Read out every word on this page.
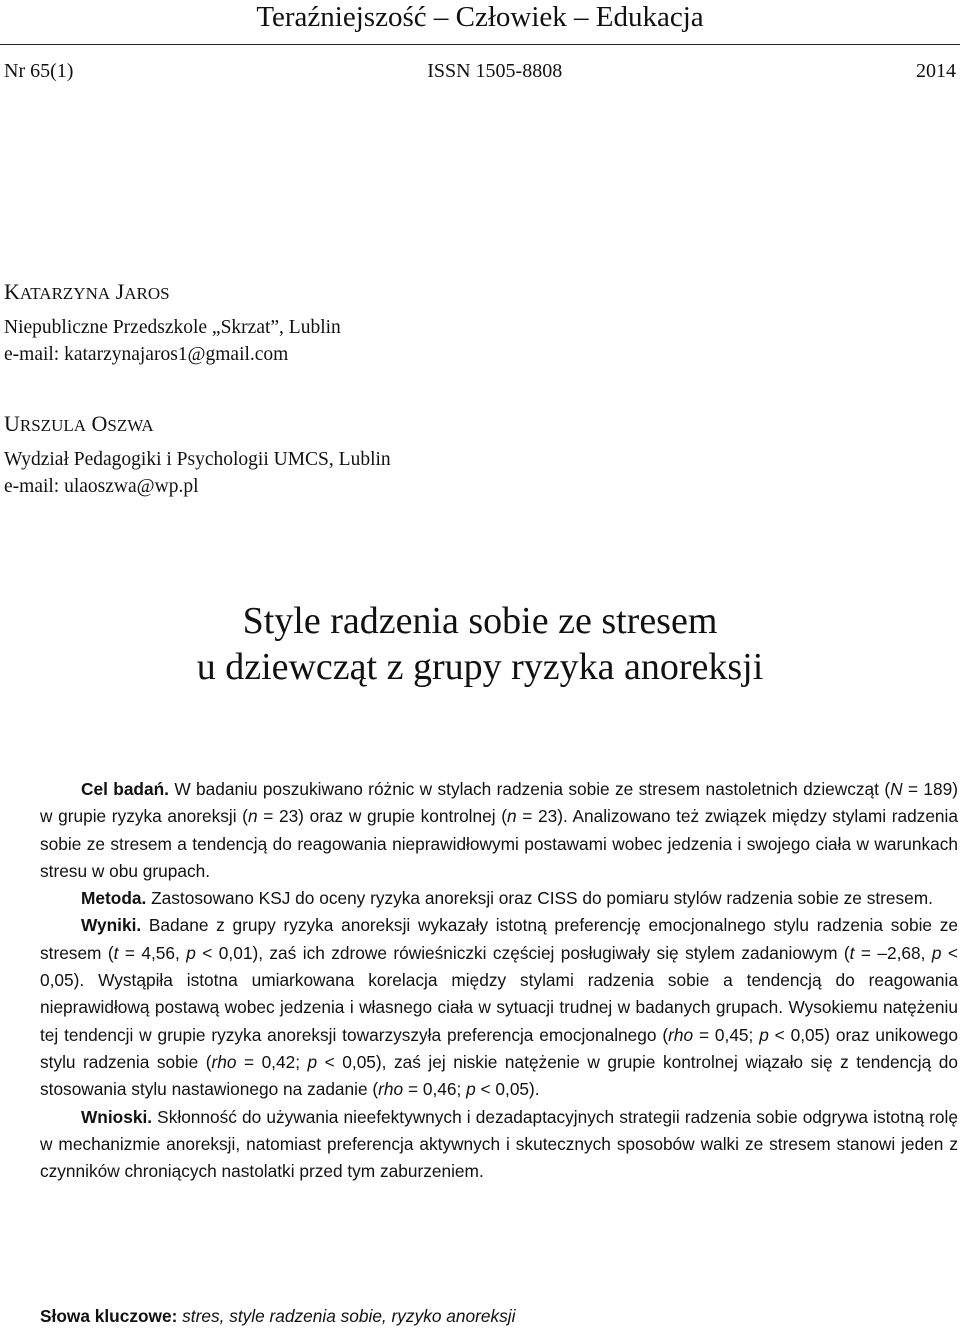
Teraźniejszość – Człowiek – Edukacja
Nr 65(1)	ISSN 1505-8808	2014
KATARZYNA JAROS
Niepubliczne Przedszkole „Skrzat”, Lublin
e-mail: katarzynajaros1@gmail.com
URSZULA OSZWA
Wydział Pedagogiki i Psychologii UMCS, Lublin
e-mail: ulaoszwa@wp.pl
Style radzenia sobie ze stresem
u dziewcząt z grupy ryzyka anoreksji

Cel badań. W badaniu poszukiwano różnic w stylach radzenia sobie ze stresem nastoletnich dziewcząt (N = 189) w grupie ryzyka anoreksji (n = 23) oraz w grupie kontrolnej (n = 23). Analizowano też związek między stylami radzenia sobie ze stresem a tendencją do reagowania nieprawidłowymi postawami wobec jedzenia i swojego ciała w warunkach stresu w obu grupach.

Metoda. Zastosowano KSJ do oceny ryzyka anoreksji oraz CISS do pomiaru stylów radzenia sobie ze stresem.

Wyniki. Badane z grupy ryzyka anoreksji wykazały istotną preferencję emocjonalnego stylu radzenia sobie ze stresem (t = 4,56, p < 0,01), zaś ich zdrowe rówieśniczki częściej posługiwały się stylem zadaniowym (t = –2,68, p < 0,05). Wystąpiła istotna umiarkowana korelacja między stylami radzenia sobie a tendencją do reagowania nieprawidłową postawą wobec jedzenia i własnego ciała w sytuacji trudnej w badanych grupach. Wysokiemu natężeniu tej tendencji w grupie ryzyka anoreksji towarzyszyła preferencja emocjonalnego (rho = 0,45; p < 0,05) oraz unikowego stylu radzenia sobie (rho = 0,42; p < 0,05), zaś jej niskie natężenie w grupie kontrolnej wiązało się z tendencją do stosowania stylu nastawionego na zadanie (rho = 0,46; p < 0,05).

Wnioski. Skłonność do używania nieefektywnych i dezadaptacyjnych strategii radzenia sobie odgrywa istotną rolę w mechanizmie anoreksji, natomiast preferencja aktywnych i skutecznych sposobów walki ze stresem stanowi jeden z czynników chroniących nastolatki przed tym zaburzeniem.

Słowa kluczowe: stres, style radzenia sobie, ryzyko anoreksji
